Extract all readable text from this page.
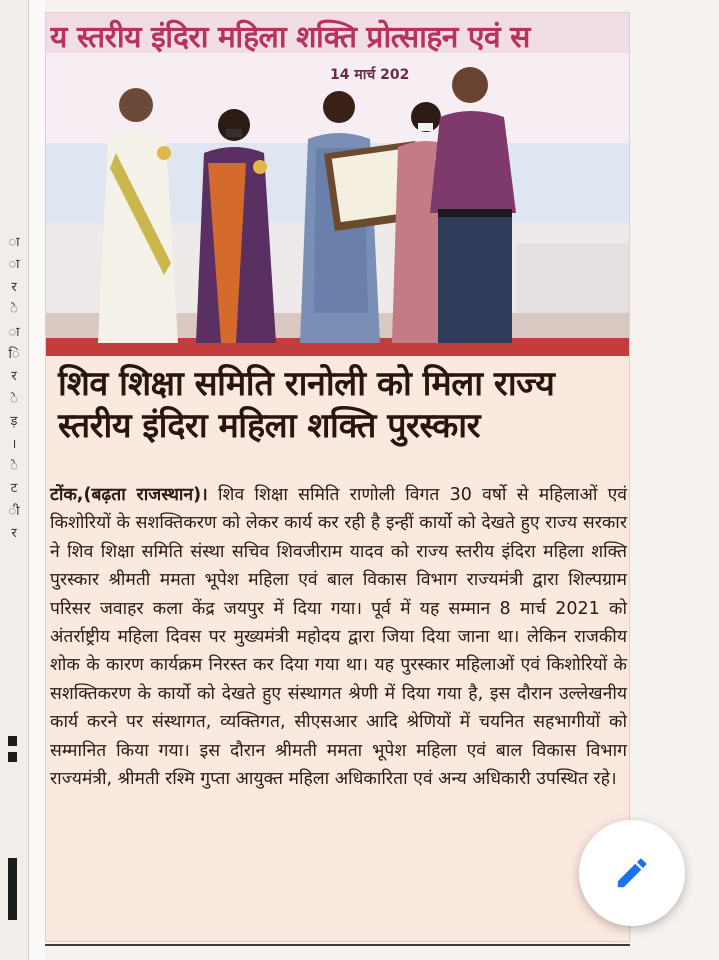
ा
ा
र
े
ा
ि
र
े
ड़
।
े
ट
ी
र
य स्तरीय इंदिरा महिला शक्ति प्रोत्साहन एवं स
14 मार्च 202
शिव शिक्षा समिति रानोली को मिला राज्य
स्तरीय इंदिरा महिला शक्ति पुरस्कार

टोंक,(बढ़ता राजस्थान)। शिव शिक्षा समिति राणोली विगत 30 वर्षो से महिलाओं एवं किशोरियों के सशक्तिकरण को लेकर कार्य कर रही है इन्हीं कार्यो को देखते हुए राज्य सरकार ने शिव शिक्षा समिति संस्था सचिव शिवजीराम यादव को राज्य स्तरीय इंदिरा महिला शक्ति पुरस्कार श्रीमती ममता भूपेश महिला एवं बाल विकास विभाग राज्यमंत्री द्वारा शिल्पग्राम परिसर जवाहर कला केंद्र जयपुर में दिया गया। पूर्व में यह सम्मान 8 मार्च 2021 को अंतर्राष्ट्रीय महिला दिवस पर मुख्यमंत्री महोदय द्वारा जिया दिया जाना था। लेकिन राजकीय शोक के कारण कार्यक्रम निरस्त कर दिया गया था। यह पुरस्कार महिलाओं एवं किशोरियों के सशक्तिकरण के कार्यो को देखते हुए संस्थागत श्रेणी में दिया गया है, इस दौरान उल्लेखनीय कार्य करने पर संस्थागत, व्यक्तिगत, सीएसआर आदि श्रेणियों में चयनित सहभागीयों को सम्मानित किया गया। इस दौरान श्रीमती ममता भूपेश महिला एवं बाल विकास विभाग राज्यमंत्री, श्रीमती रश्मि गुप्ता आयुक्त महिला अधिकारिता एवं अन्य अधिकारी उपस्थित रहे।
